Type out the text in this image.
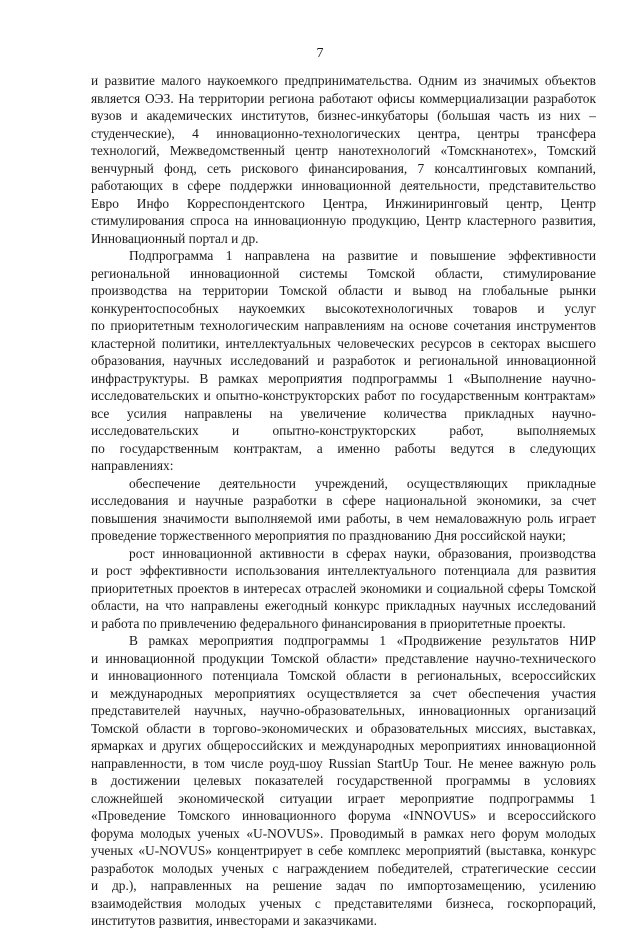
7
и развитие малого наукоемкого предпринимательства. Одним из значимых объектов
является ОЭЗ. На территории региона работают офисы коммерциализации разработок
вузов и академических институтов, бизнес-инкубаторы (большая часть из них –
студенческие), 4 инновационно-технологических центра, центры трансфера
технологий, Межведомственный центр нанотехнологий «Томскнанотех», Томский
венчурный фонд, сеть рискового финансирования, 7 консалтинговых компаний,
работающих в сфере поддержки инновационной деятельности, представительство
Евро Инфо Корреспондентского Центра, Инжиниринговый центр, Центр
стимулирования спроса на инновационную продукцию, Центр кластерного развития,
Инновационный портал и др.
Подпрограмма 1 направлена на развитие и повышение эффективности
региональной инновационной системы Томской области, стимулирование
производства на территории Томской области и вывод на глобальные рынки
конкурентоспособных наукоемких высокотехнологичных товаров и услуг
по приоритетным технологическим направлениям на основе сочетания инструментов
кластерной политики, интеллектуальных человеческих ресурсов в секторах высшего
образования, научных исследований и разработок и региональной инновационной
инфраструктуры. В рамках мероприятия подпрограммы 1 «Выполнение научно-
исследовательских и опытно-конструкторских работ по государственным контрактам»
все усилия направлены на увеличение количества прикладных научно-
исследовательских и опытно-конструкторских работ, выполняемых
по государственным контрактам, а именно работы ведутся в следующих
направлениях:
обеспечение деятельности учреждений, осуществляющих прикладные
исследования и научные разработки в сфере национальной экономики, за счет
повышения значимости выполняемой ими работы, в чем немаловажную роль играет
проведение торжественного мероприятия по празднованию Дня российской науки;
рост инновационной активности в сферах науки, образования, производства
и рост эффективности использования интеллектуального потенциала для развития
приоритетных проектов в интересах отраслей экономики и социальной сферы Томской
области, на что направлены ежегодный конкурс прикладных научных исследований
и работа по привлечению федерального финансирования в приоритетные проекты.
В рамках мероприятия подпрограммы 1 «Продвижение результатов НИР
и инновационной продукции Томской области» представление научно-технического
и инновационного потенциала Томской области в региональных, всероссийских
и международных мероприятиях осуществляется за счет обеспечения участия
представителей научных, научно-образовательных, инновационных организаций
Томской области в торгово-экономических и образовательных миссиях, выставках,
ярмарках и других общероссийских и международных мероприятиях инновационной
направленности, в том числе роуд-шоу Russian StartUp Tour. Не менее важную роль
в достижении целевых показателей государственной программы в условиях
сложнейшей экономической ситуации играет мероприятие подпрограммы 1
«Проведение Томского инновационного форума «INNOVUS» и всероссийского
форума молодых ученых «U-NOVUS». Проводимый в рамках него форум молодых
ученых «U-NOVUS» концентрирует в себе комплекс мероприятий (выставка, конкурс
разработок молодых ученых с награждением победителей, стратегические сессии
и др.), направленных на решение задач по импортозамещению, усилению
взаимодействия молодых ученых с представителями бизнеса, госкорпораций,
институтов развития, инвесторами и заказчиками.
